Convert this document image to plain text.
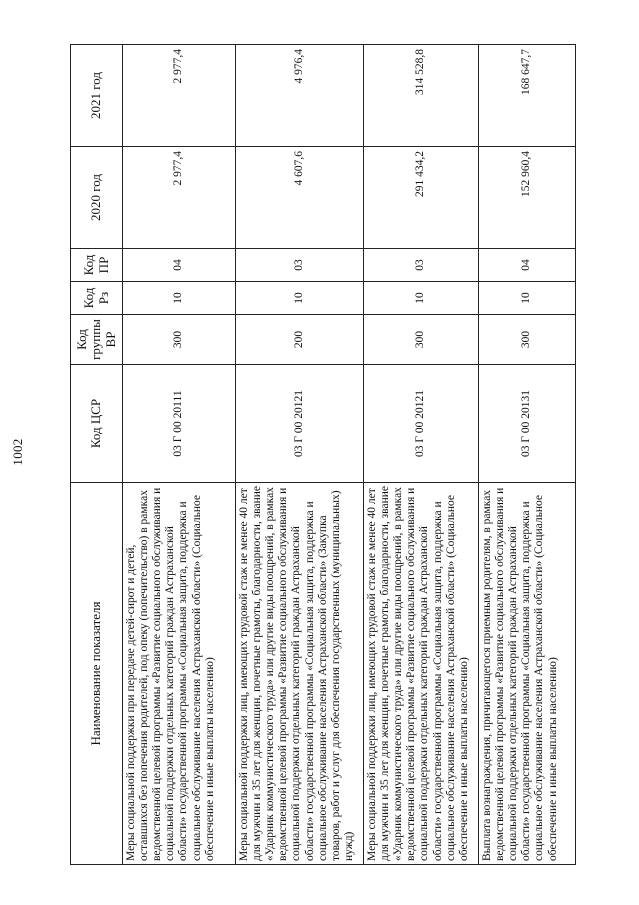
1002
Наименование показателя	Код ЦСР	Код группы ВР	Код Рз	Код ПР	2020 год	2021 год
Меры социальной поддержки при передаче детей-сирот и детей, оставшихся без попечения родителей, под опеку (попечительство) в рамках ведомственной целевой программы «Развитие социального обслуживания и социальной поддержки отдельных категорий граждан Астраханской области» государственной программы «Социальная защита, поддержка и социальное обслуживание населения Астраханской области» (Социальное обеспечение и иные выплаты населению)	03 Г 00 20111	300	10	04	2 977,4	2 977,4
Меры социальной поддержки лиц, имеющих трудовой стаж не менее 40 лет для мужчин и 35 лет для женщин, почетные грамоты, благодарности, звание «Ударник коммунистического труда» или другие виды поощрений, в рамках ведомственной целевой программы «Развитие социального обслуживания и социальной поддержки отдельных категорий граждан Астраханской области» государственной программы «Социальная защита, поддержка и социальное обслуживание населения Астраханской области» (Закупка товаров, работ и услуг для обеспечения государственных (муниципальных) нужд)	03 Г 00 20121	200	10	03	4 607,6	4 976,4
Меры социальной поддержки лиц, имеющих трудовой стаж не менее 40 лет для мужчин и 35 лет для женщин, почетные грамоты, благодарности, звание «Ударник коммунистического труда» или другие виды поощрений, в рамках ведомственной целевой программы «Развитие социального обслуживания и социальной поддержки отдельных категорий граждан Астраханской области» государственной программы «Социальная защита, поддержка и социальное обслуживание населения Астраханской области» (Социальное обеспечение и иные выплаты населению)	03 Г 00 20121	300	10	03	291 434,2	314 528,8
Выплата вознаграждения, причитающегося приемным родителям, в рамках ведомственной целевой программы «Развитие социального обслуживания и социальной поддержки отдельных категорий граждан Астраханской области» государственной программы «Социальная защита, поддержка и социальное обслуживание населения Астраханской области» (Социальное обеспечение и иные выплаты населению)	03 Г 00 20131	300	10	04	152 960,4	168 647,7
